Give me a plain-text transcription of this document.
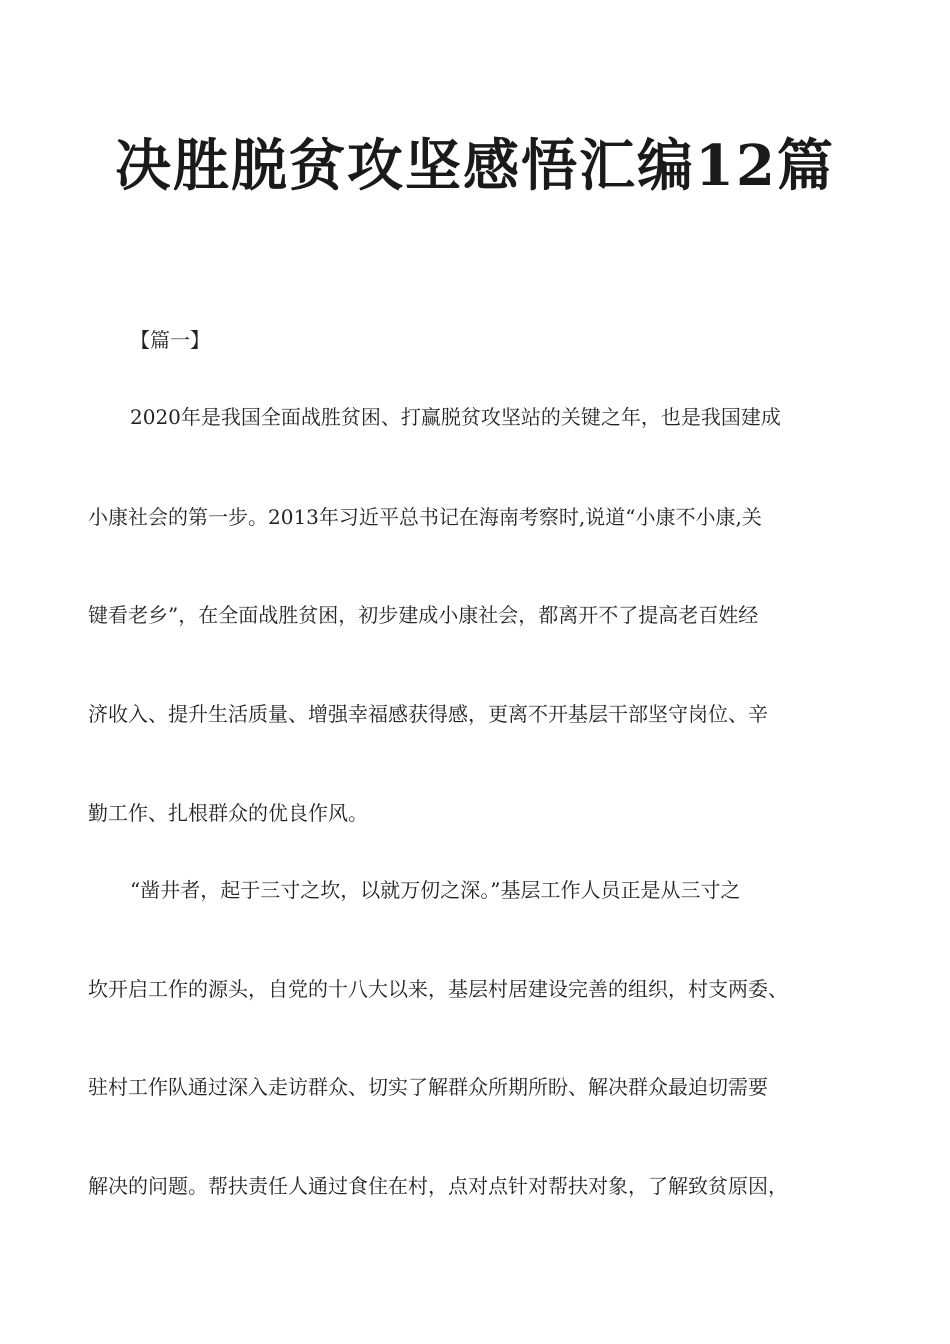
决胜脱贫攻坚感悟汇编12篇

【篇一】

2020年是我国全面战胜贫困、打赢脱贫攻坚站的关键之年，也是我国建成

小康社会的第一步。2013年习近平总书记在海南考察时,说道“小康不小康,关

键看老乡”，在全面战胜贫困，初步建成小康社会，都离开不了提高老百姓经

济收入、提升生活质量、增强幸福感获得感，更离不开基层干部坚守岗位、辛

勤工作、扎根群众的优良作风。

“凿井者，起于三寸之坎，以就万仞之深。”基层工作人员正是从三寸之

坎开启工作的源头，自党的十八大以来，基层村居建设完善的组织，村支两委、

驻村工作队通过深入走访群众、切实了解群众所期所盼、解决群众最迫切需要

解决的问题。帮扶责任人通过食住在村，点对点针对帮扶对象，了解致贫原因，
